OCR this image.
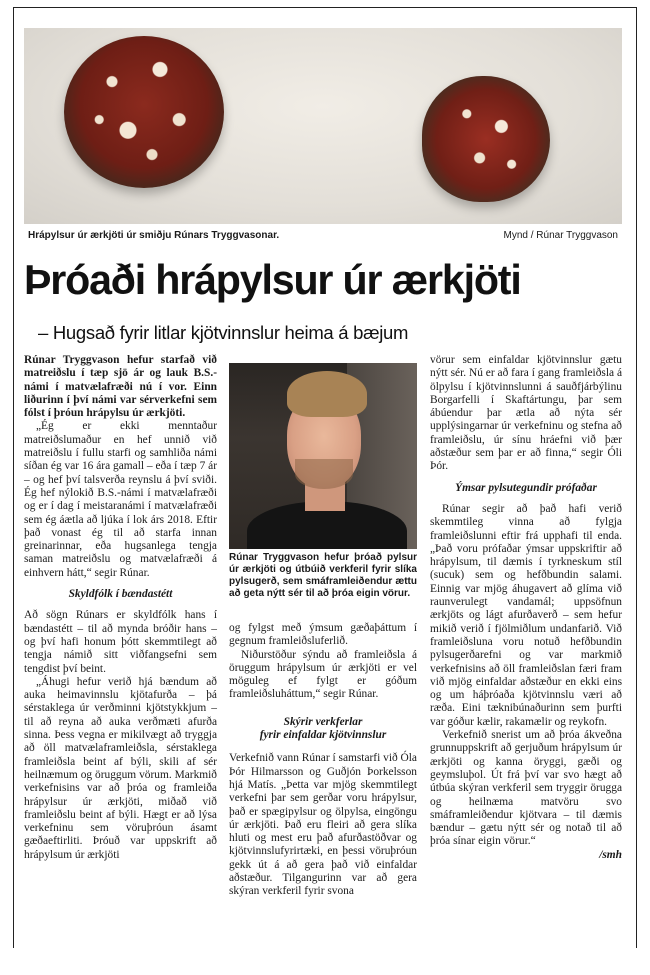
Hrápylsur úr ærkjöti úr smiðju Rúnars Tryggvasonar.	Mynd / Rúnar Tryggvason
Þróaði hrápylsur úr ærkjöti
– Hugsað fyrir litlar kjötvinnslur heima á bæjum

Rúnar Tryggvason hefur starfað við matreiðslu í tæp sjö ár og lauk B.S.-námi í matvælafræði nú í vor. Einn liðurinn í því námi var sérverkefni sem fólst í þróun hrápylsu úr ærkjöti.

„Ég er ekki menntaður matreiðslumaður en hef unnið við matreiðslu í fullu starfi og samhliða námi síðan ég var 16 ára gamall – eða í tæp 7 ár – og hef því talsverða reynslu á því sviði. Ég hef nýlokið B.S.-námi í matvælafræði og er í dag í meistaranámi í matvælafræði sem ég áætla að ljúka í lok árs 2018. Eftir það vonast ég til að starfa innan greinarinnar, eða hugsanlega tengja saman matreiðslu og matvælafræði á einhvern hátt,“ segir Rúnar.

Skyldfólk í bændastétt

Að sögn Rúnars er skyldfólk hans í bændastétt – til að mynda bróðir hans – og því hafi honum þótt skemmtilegt að tengja námið sitt viðfangsefni sem tengdist því beint.

„Áhugi hefur verið hjá bændum að auka heimavinnslu kjötafurða – þá sérstaklega úr verðminni kjötstykkjum – til að reyna að auka verðmæti afurða sinna. Þess vegna er mikilvægt að tryggja að öll matvælaframleiðsla, sérstaklega framleiðsla beint af býli, skili af sér heilnæmum og öruggum vörum. Markmið verkefnisins var að þróa og framleiða hrápylsur úr ærkjöti, miðað við framleiðslu beint af býli. Hægt er að lýsa verkefninu sem vöruþróun ásamt gæðaeftirliti. Þróuð var uppskrift að hrápylsum úr ærkjöti

Rúnar Tryggvason hefur þróað pylsur úr ærkjöti og útbúið verkferil fyrir slíka pylsugerð, sem smáframleiðendur ættu að geta nýtt sér til að þróa eigin vörur.

og fylgst með ýmsum gæðaþáttum í gegnum framleiðsluferlið.

Niðurstöður sýndu að framleiðsla á öruggum hrápylsum úr ærkjöti er vel möguleg ef fylgt er góðum framleiðsluháttum,“ segir Rúnar.

Skýrir verkferlar
fyrir einfaldar kjötvinnslur

Verkefnið vann Rúnar í samstarfi við Óla Þór Hilmarsson og Guðjón Þorkelsson hjá Matís. „Þetta var mjög skemmtilegt verkefni þar sem gerðar voru hrápylsur, það er spægipylsur og ölpylsa, eingöngu úr ærkjöti. Það eru fleiri að gera slíka hluti og mest eru það afurðastöðvar og kjötvinnslufyrirtæki, en þessi vöruþróun gekk út á að gera það við einfaldar aðstæður. Tilgangurinn var að gera skýran verkferil fyrir svona

vörur sem einfaldar kjötvinnslur gætu nýtt sér. Nú er að fara í gang framleiðsla á ölpylsu í kjötvinnslunni á sauðfjárbýlinu Borgarfelli í Skaftártungu, þar sem ábúendur þar ætla að nýta sér upplýsingarnar úr verkefninu og stefna að framleiðslu, úr sínu hráefni við þær aðstæður sem þar er að finna,“ segir Óli Þór.

Ýmsar pylsutegundir prófaðar

Rúnar segir að það hafi verið skemmtileg vinna að fylgja framleiðslunni eftir frá upphafi til enda. „Það voru prófaðar ýmsar uppskriftir að hrápylsum, til dæmis í tyrkneskum stíl (sucuk) sem og hefðbundin salami. Einnig var mjög áhugavert að glíma við raunverulegt vandamál; uppsöfnun ærkjöts og lágt afurðaverð – sem hefur mikið verið í fjölmiðlum undanfarið. Við framleiðsluna voru notuð hefðbundin pylsugerðarefni og var markmið verkefnisins að öll framleiðslan færi fram við mjög einfaldar aðstæður en ekki eins og um háþróaða kjötvinnslu væri að ræða. Eini tæknibúnaðurinn sem þurfti var góður kælir, rakamælir og reykofn.

Verkefnið snerist um að þróa ákveðna grunnuppskrift að gerjuðum hrápylsum úr ærkjöti og kanna öryggi, gæði og geymsluþol. Út frá því var svo hægt að útbúa skýran verkferil sem tryggir örugga og heilnæma matvöru svo smáframleiðendur kjötvara – til dæmis bændur – gætu nýtt sér og notað til að þróa sínar eigin vörur.“

/smh
